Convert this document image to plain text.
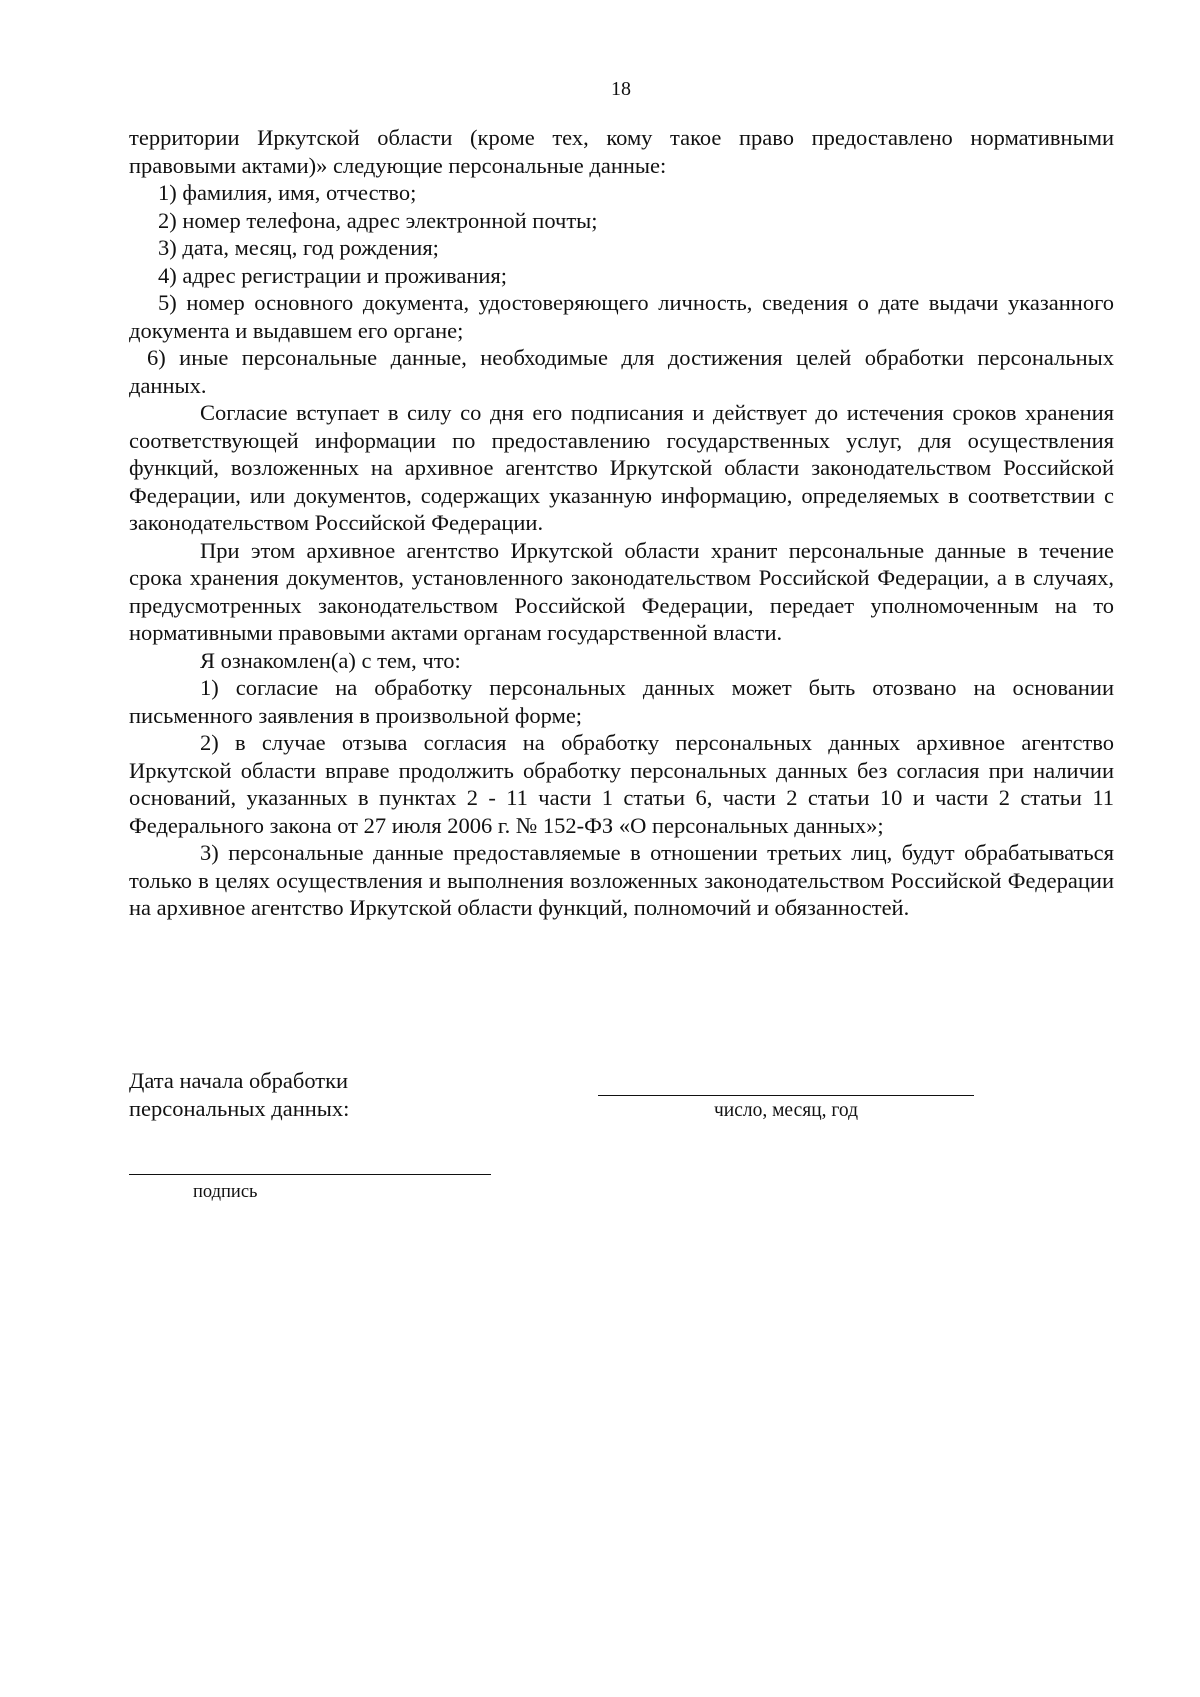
18

территории Иркутской области (кроме тех, кому такое право предоставлено нормативными правовыми актами)» следующие персональные данные:

1) фамилия, имя, отчество;

2) номер телефона, адрес электронной почты;

3) дата, месяц, год рождения;

4) адрес регистрации и проживания;

5) номер основного документа, удостоверяющего личность, сведения о дате выдачи указанного документа и выдавшем его органе;

6) иные персональные данные, необходимые для достижения целей обработки персональных данных.

Согласие вступает в силу со дня его подписания и действует до истечения сроков хранения соответствующей информации по предоставлению государственных услуг, для осуществления функций, возложенных на архивное агентство Иркутской области законодательством Российской Федерации, или документов, содержащих указанную информацию, определяемых в соответствии с законодательством Российской Федерации.

При этом архивное агентство Иркутской области хранит персональные данные в течение срока хранения документов, установленного законодательством Российской Федерации, а в случаях, предусмотренных законодательством Российской Федерации, передает уполномоченным на то нормативными правовыми актами органам государственной власти.

Я ознакомлен(а) с тем, что:

1) согласие на обработку персональных данных может быть отозвано на основании письменного заявления в произвольной форме;

2) в случае отзыва согласия на обработку персональных данных архивное агентство Иркутской области вправе продолжить обработку персональных данных без согласия при наличии оснований, указанных в пунктах 2 - 11 части 1 статьи 6, части 2 статьи 10 и части 2 статьи 11 Федерального закона от 27 июля 2006 г. № 152-ФЗ «О персональных данных»;

3) персональные данные предоставляемые в отношении третьих лиц, будут обрабатываться только в целях осуществления и выполнения возложенных законодательством Российской Федерации на архивное агентство Иркутской области функций, полномочий и обязанностей.

Дата начала обработки
персональных данных:	число, месяц, год
подпись
